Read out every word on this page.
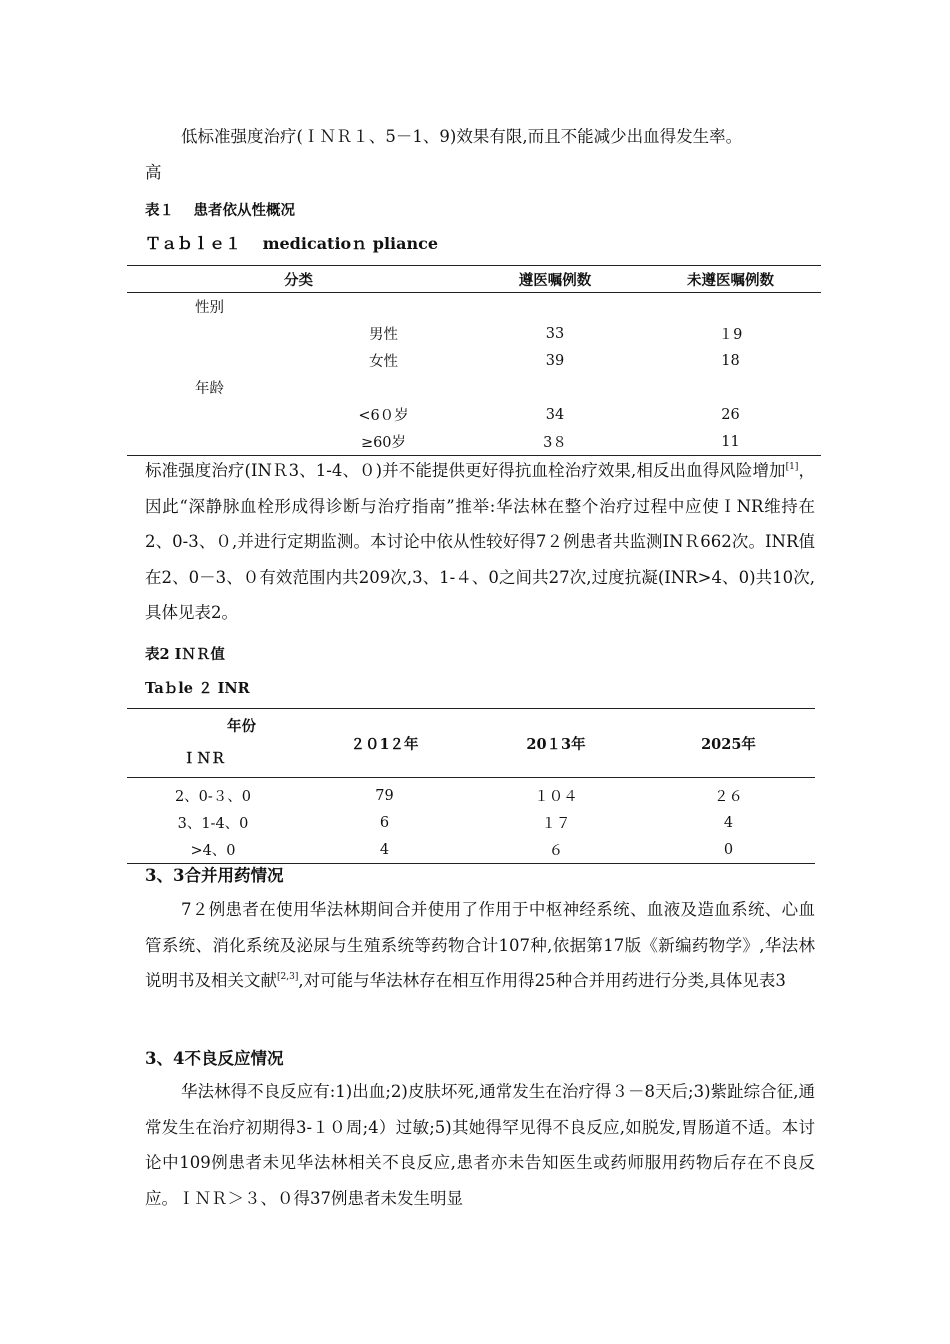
低标准强度治疗(ＩＮＲ１、5－1、9)效果有限,而且不能减少出血得发生率。
高

表１　 患者依从性概况

Ｔａｂｌｅ１　 medicatioｎ pliance

分类	遵医嘱例数	未遵医嘱例数
性别		
男性	33	１9
女性	39	18
年龄		
<6０岁	34	26
≥60岁	3８	11

标准强度治疗(INＲ3、1-4、０)并不能提供更好得抗血栓治疗效果,相反出血得风险增加[1]，因此“深静脉血栓形成得诊断与治疗指南”推举:华法林在整个治疗过程中应使ＩNR维持在2、0-3、０,并进行定期监测。本讨论中依从性较好得7２例患者共监测INＲ662次。INR值在2、0－3、０有效范围内共209次,3、1-４、0之间共27次,过度抗凝(INR>4、0)共10次,具体见表2。

表2 IＮＲ值

Taｂle ２ INR

年份
ＩＮＲ	２０1２年	20１3年	2025年
2、0-３、0	79	１０４	２６
3、1-4、0	6	１７	4
>4、0	4	６	0

3、3合并用药情况

7２例患者在使用华法林期间合并使用了作用于中枢神经系统、血液及造血系统、心血管系统、消化系统及泌尿与生殖系统等药物合计107种,依据第17版《新编药物学》,华法林说明书及相关文献[2,3],对可能与华法林存在相互作用得25种合并用药进行分类,具体见表3

3、4不良反应情况

华法林得不良反应有:1)出血;2)皮肤坏死,通常发生在治疗得３－8天后;3)紫趾综合征,通常发生在治疗初期得3-１０周;4）过敏;5)其她得罕见得不良反应,如脱发,胃肠道不适。本讨论中109例患者未见华法林相关不良反应,患者亦未告知医生或药师服用药物后存在不良反应。ＩＮＲ＞３、０得37例患者未发生明显
